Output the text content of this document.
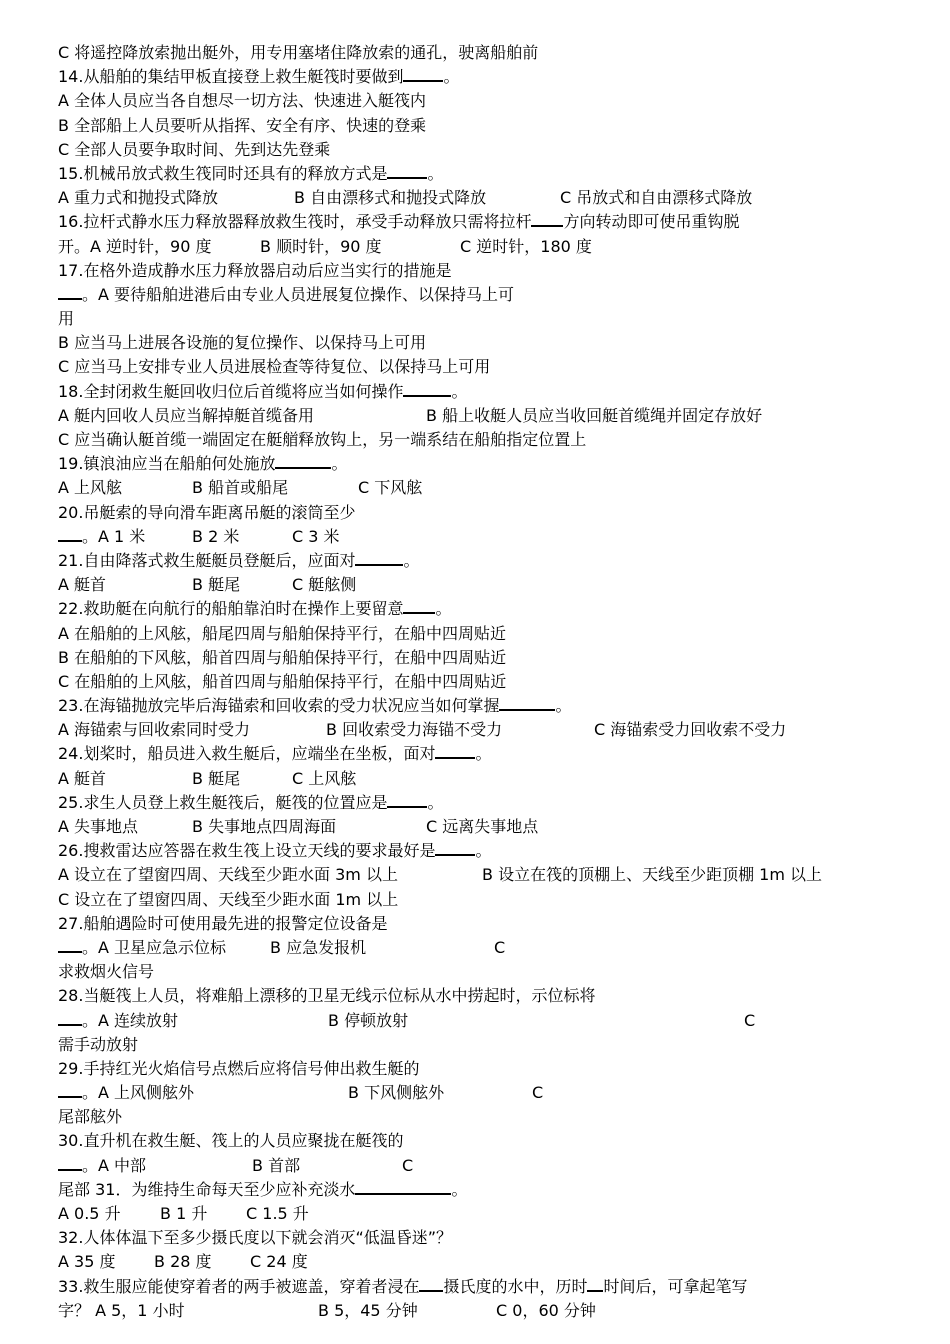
C 将遥控降放索抛出艇外，用专用塞堵住降放索的通孔，驶离船舶前
14.从船舶的集结甲板直接登上救生艇筏时要做到	。
A 全体人员应当各自想尽一切方法、快速进入艇筏内
B 全部船上人员要听从指挥、安全有序、快速的登乘
C 全部人员要争取时间、先到达先登乘
15.机械吊放式救生筏同时还具有的释放方式是	。
A 重力式和抛投式降放	B 自由漂移式和抛投式降放	C 吊放式和自由漂移式降放
16.拉杆式静水压力释放器释放救生筏时，承受手动释放只需将拉杆 方向转动即可使吊重钩脱
开。A 逆时针，90 度	B 顺时针，90 度	C 逆时针，180 度
17.在格外造成静水压力释放器启动后应当实行的措施是
。A 要待船舶进港后由专业人员进展复位操作、以保持马上可
用
B 应当马上进展各设施的复位操作、以保持马上可用
C 应当马上安排专业人员进展检查等待复位、以保持马上可用
18.全封闭救生艇回收归位后首缆将应当如何操作	。
A 艇内回收人员应当解掉艇首缆备用	B 船上收艇人员应当收回艇首缆绳并固定存放好
C 应当确认艇首缆一端固定在艇艏释放钩上，另一端系结在船舶指定位置上
19.镇浪油应当在船舶何处施放	。
A 上风舷	B 船首或船尾	C 下风舷
20.吊艇索的导向滑车距离吊艇的滚筒至少
。A 1 米	B 2 米	C 3 米
21.自由降落式救生艇艇员登艇后，应面对	。
A 艇首	B 艇尾	C 艇舷侧
22.救助艇在向航行的船舶靠泊时在操作上要留意 。
A 在船舶的上风舷，船尾四周与船舶保持平行，在船中四周贴近
B 在船舶的下风舷，船首四周与船舶保持平行，在船中四周贴近
C 在船舶的上风舷，船首四周与船舶保持平行，在船中四周贴近
23.在海锚抛放完毕后海锚索和回收索的受力状况应当如何掌握	。
A 海锚索与回收索同时受力	B 回收索受力海锚不受力	C 海锚索受力回收索不受力
24.划桨时，船员进入救生艇后，应端坐在坐板，面对	。
A 艇首	B 艇尾	C 上风舷
25.求生人员登上救生艇筏后，艇筏的位置应是	。
A 失事地点	B 失事地点四周海面	C 远离失事地点
26.搜救雷达应答器在救生筏上设立天线的要求最好是	。
A 设立在了望窗四周、天线至少距水面 3m 以上	B 设立在筏的顶棚上、天线至少距顶棚 1m 以上
C 设立在了望窗四周、天线至少距水面 1m 以上
27.船舶遇险时可使用最先进的报警定位设备是
。A 卫星应急示位标	B 应急发报机	C
求救烟火信号
28.当艇筏上人员，将难船上漂移的卫星无线示位标从水中捞起时，示位标将
。A 连续放射	B 停顿放射	C
需手动放射
29.手持红光火焰信号点燃后应将信号伸出救生艇的
。A 上风侧舷外	B 下风侧舷外	C
尾部舷外
30.直升机在救生艇、筏上的人员应聚拢在艇筏的
。A 中部	B 首部	C
尾部 31．为维持生命每天至少应补充淡水	。
A 0.5 升 B 1 升 C 1.5 升
32.人体体温下至多少摄氏度以下就会消灭“低温昏迷”？
A 35 度 B 28 度 C 24 度
33.救生服应能使穿着者的两手被遮盖，穿着者浸在 摄氏度的水中，历时 时间后，可拿起笔写
字？ A 5，1 小时	B 5，45 分钟	C 0，60 分钟
